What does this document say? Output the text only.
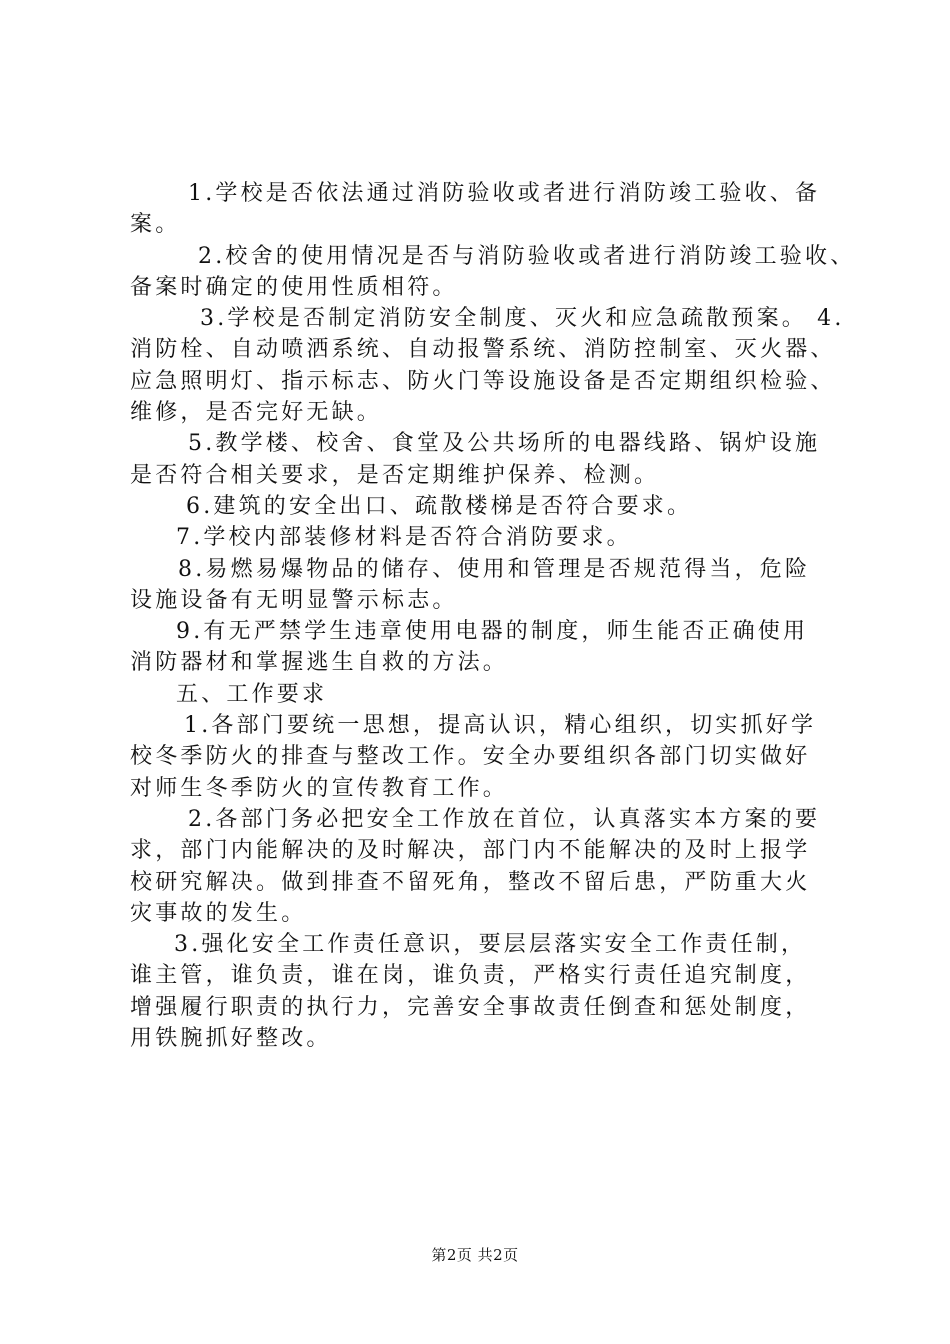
1.学校是否依法通过消防验收或者进行消防竣工验收、备
案。
2.校舍的使用情况是否与消防验收或者进行消防竣工验收、
备案时确定的使用性质相符。
3.学校是否制定消防安全制度、灭火和应急疏散预案。 4.
消防栓、自动喷洒系统、自动报警系统、消防控制室、灭火器、
应急照明灯、指示标志、防火门等设施设备是否定期组织检验、
维修，是否完好无缺。
5.教学楼、校舍、食堂及公共场所的电器线路、锅炉设施
是否符合相关要求，是否定期维护保养、检测。
6.建筑的安全出口、疏散楼梯是否符合要求。
7.学校内部装修材料是否符合消防要求。
8.易燃易爆物品的储存、使用和管理是否规范得当，危险
设施设备有无明显警示标志。
9.有无严禁学生违章使用电器的制度，师生能否正确使用
消防器材和掌握逃生自救的方法。
五、工作要求
1.各部门要统一思想，提高认识，精心组织，切实抓好学
校冬季防火的排查与整改工作。安全办要组织各部门切实做好
对师生冬季防火的宣传教育工作。
2.各部门务必把安全工作放在首位，认真落实本方案的要
求，部门内能解决的及时解决，部门内不能解决的及时上报学
校研究解决。做到排查不留死角，整改不留后患，严防重大火
灾事故的发生。
3.强化安全工作责任意识，要层层落实安全工作责任制，
谁主管，谁负责，谁在岗，谁负责，严格实行责任追究制度，
增强履行职责的执行力，完善安全事故责任倒查和惩处制度，
用铁腕抓好整改。
第2页 共2页
